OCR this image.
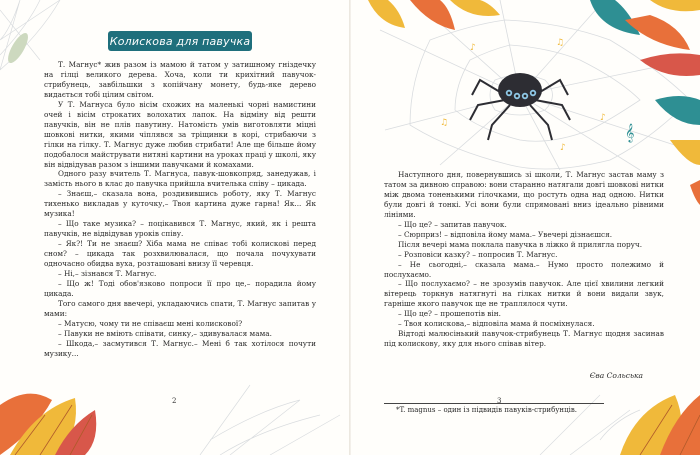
♪	♫
♪
♫
♪
𝄞
Колискова для павучка

Т. Магнус* жив разом із мамою й татом у затишному гніздечку на гілці великого дерева. Хоча, коли ти крихітний павучок-стрибунець, завбільшки з копійчану монету, будь-яке дерево видається тобі цілим світом.

У Т. Магнуса було вісім схожих на маленькі чорні намистини очей і вісім строкатих волохатих лапок. На відміну від решти павучків, він не плів павутину. Натомість умів виготовляти міцні шовкові нитки, якими чіплявся за тріщинки в корі, стрибаючи з гілки на гілку. Т. Магнус дуже любив стрибати! Але ще більше йому подобалося майструвати нитяні картини на уроках праці у школі, яку він відвідував разом з іншими павучками й комахами.

Одного разу вчитель Т. Магнуса, павук-шовкопряд, занедужав, і замість нього в клас до павучка прийшла вчителька співу – цикада.

– Знаєш,– сказала вона, роздивившись роботу, яку Т. Магнус тихенько викладав у куточку,– Твоя картина дуже гарна! Як... Як музика!

– Що таке музика? – поцікавився Т. Магнус, який, як і решта павучків, не відвідував уроків співу.

– Як?! Ти не знаєш? Хіба мама не співає тобі колискові перед сном? – цикада так розхвилювалася, що почала почухувати одночасно обидва вуха, розташовані внизу її черевця.

– Ні,– зізнався Т. Магнус.

– Що ж! Тоді обов'язково попроси її про це,– порадила йому цикада.

Того самого дня ввечері, укладаючись спати, Т. Магнус запитав у мами:

– Матусю, чому ти не співаєш мені колискової?

– Павуки не вміють співати, синку,– здивувалася мама.

– Шкода,– засмутився Т. Магнус.– Мені б так хотілося почути музику...

2

Наступного дня, повернувшись зі школи, Т. Магнус застав маму з татом за дивною справою: вони старанно натягали довгі шовкові нитки між двома тоненькими гілочками, що ростуть одна над одною. Нитки були довгі й тонкі. Усі вони були спрямовані вниз ідеально рівними лініями.

– Що це? – запитав павучок.

– Сюрприз! – відповіла йому мама.– Увечері дізнаєшся.

Після вечері мама поклала павучка в ліжко й прилягла поруч.

– Розповіси казку? – попросив Т. Магнус.

– Не сьогодні,– сказала мама.– Нумо просто полежимо й послухаємо.

– Що послухаємо? – не зрозумів павучок. Але цієї хвилини легкий вітерець торкнув натягнуті на гілках нитки й вони видали звук, гарніше якого павучок ще не траплялося чути.

– Що це? – прошепотів він.

– Твоя колискова,– відповіла мама й посміхнулася.

Відтоді малюсінький павучок-стрибунець Т. Магнус щодня засинав під колискову, яку для нього співав вітер.

Єва Сольська
*T. magnus – один із підвидів павуків-стрибунців.
3
